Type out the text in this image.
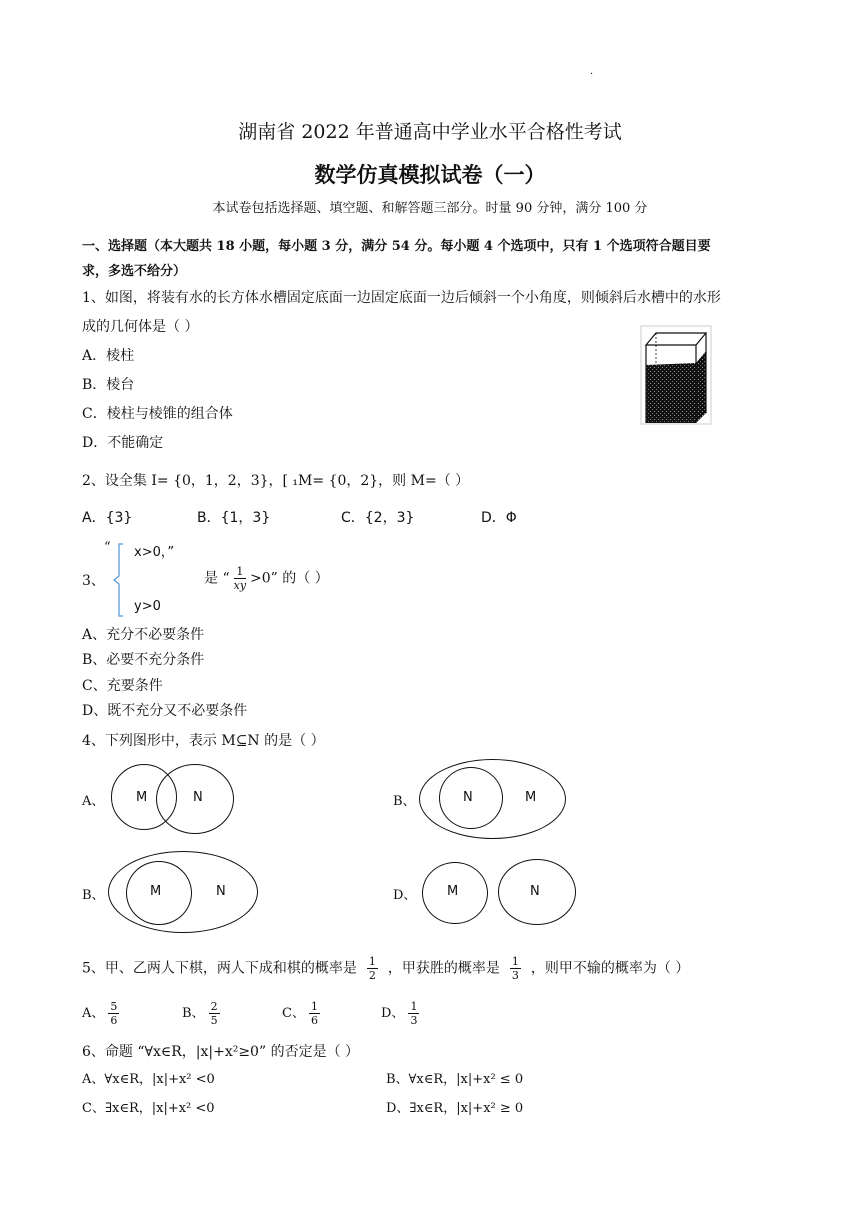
.
湖南省 2022 年普通高中学业水平合格性考试
数学仿真模拟试卷（一）
本试卷包括选择题、填空题、和解答题三部分。时量 90 分钟，满分 100 分
一、选择题（本大题共 18 小题，每小题 3 分，满分 54 分。每小题 4 个选项中，只有 1 个选项符合题目要
求，多选不给分）
1、如图，将装有水的长方体水槽固定底面一边固定底面一边后倾斜一个小角度，则倾斜后水槽中的水形
成的几何体是（ ）
A．棱柱
B．棱台
C．棱柱与棱锥的组合体
D．不能确定
2、设全集 I= {0，1，2，3}，[ ₁M= {0，2}，则 M=（ ）
A．{3}	B．{1，3}	C．{2，3}	D．Φ
“ x>0，”
3、	是 “ $\frac{1}{xy} >0$” 的（ ）
y>0
A、充分不必要条件
B、必要不充分条件
C、充要条件
D、既不充分又不必要条件
4、下列图形中，表示 M⊆N 的是（ ）
A、 M	N	B、	N	M
B、	M	N	D、 M	N
5、甲、乙两人下棋，两人下成和棋的概率是 $\frac{1}{2}$ ，甲获胜的概率是 $\frac{1}{3}$ ，则甲不输的概率为（ ）
A、 $\frac{5}{6}$	B、 $\frac{2}{5}$	C、 $\frac{1}{6}$	D、 $\frac{1}{3}$
6、命题 “∀x∈R，|x|+x²≥0” 的否定是（ ）
A、∀x∈R，|x|+x² <0	B、∀x∈R，|x|+x² ≤ 0
C、∃x∈R，|x|+x² <0	D、∃x∈R，|x|+x² ≥ 0
